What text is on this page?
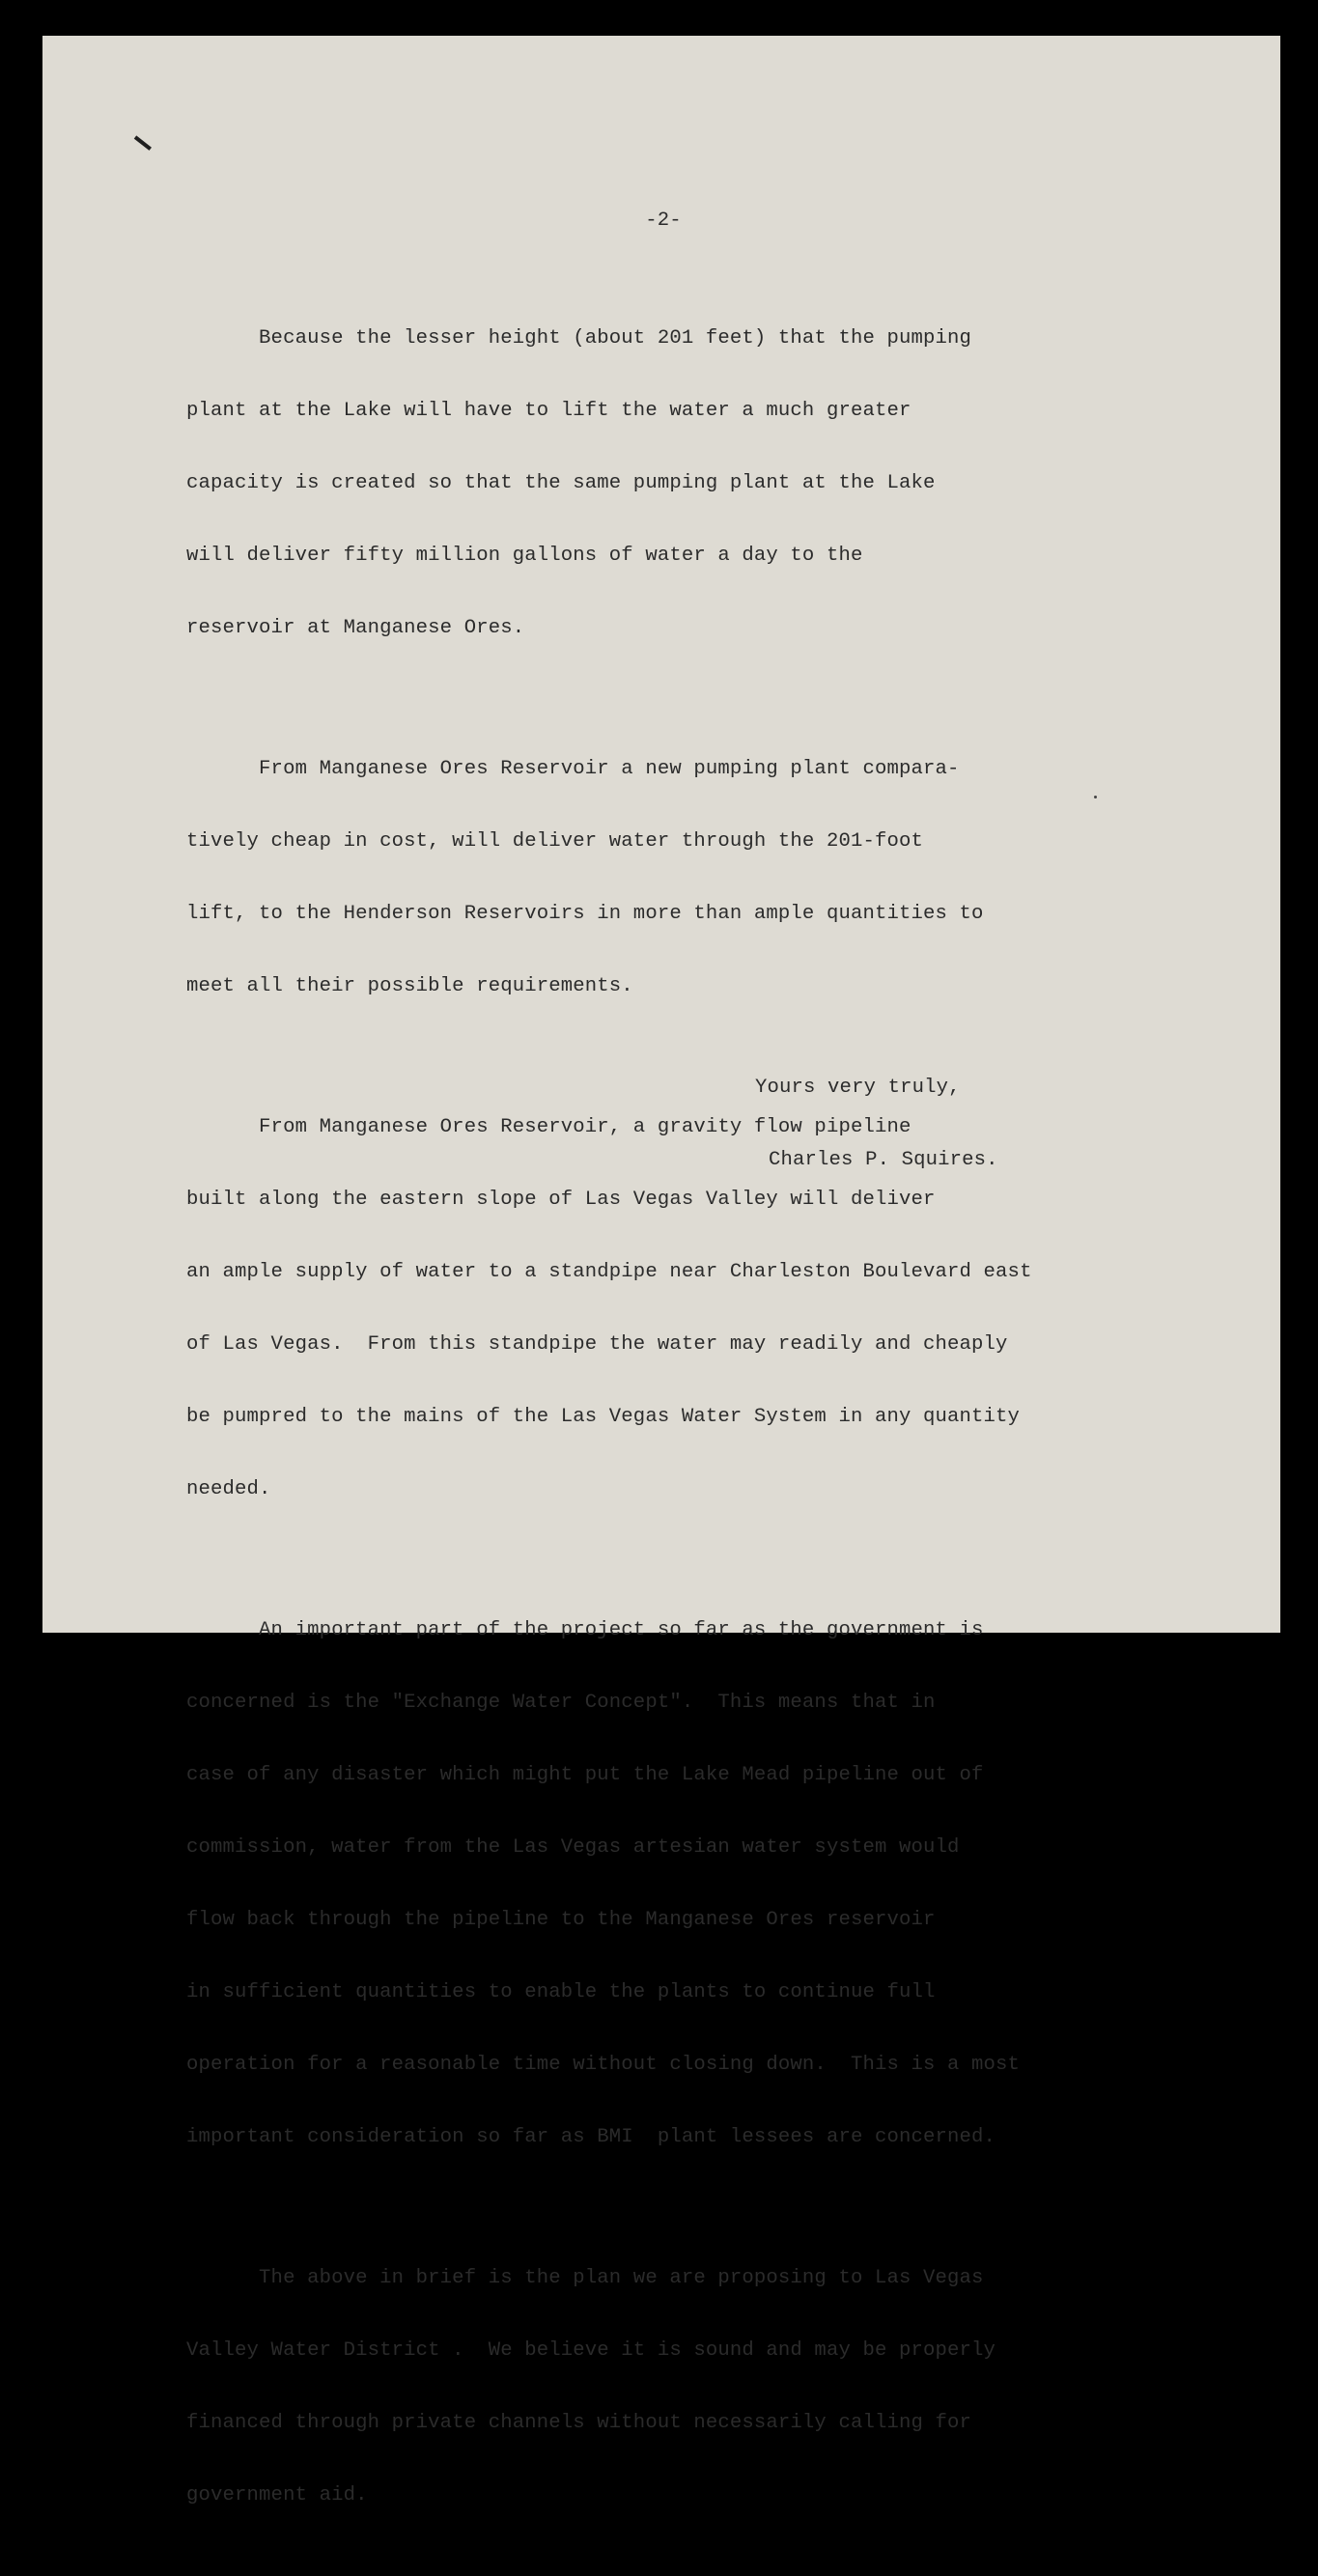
-2-

Because the lesser height (about 201 feet) that the pumping

plant at the Lake will have to lift the water a much greater

capacity is created so that the same pumping plant at the Lake

will deliver fifty million gallons of water a day to the

reservoir at Manganese Ores.

From Manganese Ores Reservoir a new pumping plant compara-

tively cheap in cost, will deliver water through the 201-foot

lift, to the Henderson Reservoirs in more than ample quantities to

meet all their possible requirements.

From Manganese Ores Reservoir, a gravity flow pipeline

built along the eastern slope of Las Vegas Valley will deliver

an ample supply of water to a standpipe near Charleston Boulevard east

of Las Vegas.  From this standpipe the water may readily and cheaply

be pumpred to the mains of the Las Vegas Water System in any quantity

needed.

An important part of the project so far as the government is

concerned is the "Exchange Water Concept".  This means that in

case of any disaster which might put the Lake Mead pipeline out of

commission, water from the Las Vegas artesian water system would

flow back through the pipeline to the Manganese Ores reservoir

in sufficient quantities to enable the plants to continue full

operation for a reasonable time without closing down.  This is a most

important consideration so far as BMI  plant lessees are concerned.

The above in brief is the plan we are proposing to Las Vegas

Valley Water District .  We believe it is sound and may be properly

financed through private channels without necessarily calling for

government aid.

Yours very truly,
Charles P. Squires.
